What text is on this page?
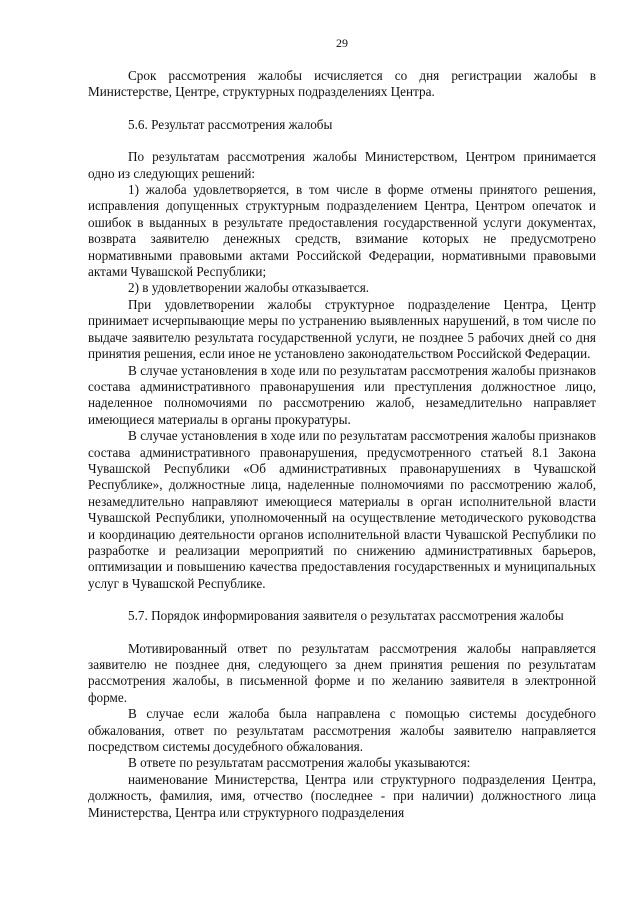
29
Срок рассмотрения жалобы исчисляется со дня регистрации жалобы в Министерстве, Центре, структурных подразделениях Центра.
5.6. Результат рассмотрения жалобы
По результатам рассмотрения жалобы Министерством, Центром принимается одно из следующих решений:
1) жалоба удовлетворяется, в том числе в форме отмены принятого решения, исправления допущенных структурным подразделением Центра, Центром опечаток и ошибок в выданных в результате предоставления государственной услуги документах, возврата заявителю денежных средств, взимание которых не предусмотрено нормативными правовыми актами Российской Федерации, нормативными правовыми актами Чувашской Республики;
2) в удовлетворении жалобы отказывается.
При удовлетворении жалобы структурное подразделение Центра, Центр принимает исчерпывающие меры по устранению выявленных нарушений, в том числе по выдаче заявителю результата государственной услуги, не позднее 5 рабочих дней со дня принятия решения, если иное не установлено законодательством Российской Федерации.
В случае установления в ходе или по результатам рассмотрения жалобы признаков состава административного правонарушения или преступления должностное лицо, наделенное полномочиями по рассмотрению жалоб, незамедлительно направляет имеющиеся материалы в органы прокуратуры.
В случае установления в ходе или по результатам рассмотрения жалобы признаков состава административного правонарушения, предусмотренного статьей 8.1 Закона Чувашской Республики «Об административных правонарушениях в Чувашской Республике», должностные лица, наделенные полномочиями по рассмотрению жалоб, незамедлительно направляют имеющиеся материалы в орган исполнительной власти Чувашской Республики, уполномоченный на осуществление методического руководства и координацию деятельности органов исполнительной власти Чувашской Республики по разработке и реализации мероприятий по снижению административных барьеров, оптимизации и повышению качества предоставления государственных и муниципальных услуг в Чувашской Республике.
5.7. Порядок информирования заявителя о результатах рассмотрения жалобы
Мотивированный ответ по результатам рассмотрения жалобы направляется заявителю не позднее дня, следующего за днем принятия решения по результатам рассмотрения жалобы, в письменной форме и по желанию заявителя в электронной форме.
В случае если жалоба была направлена с помощью системы досудебного обжалования, ответ по результатам рассмотрения жалобы заявителю направляется посредством системы досудебного обжалования.
В ответе по результатам рассмотрения жалобы указываются:
наименование Министерства, Центра или структурного подразделения Центра, должность, фамилия, имя, отчество (последнее - при наличии) должностного лица Министерства, Центра или структурного подразделения
